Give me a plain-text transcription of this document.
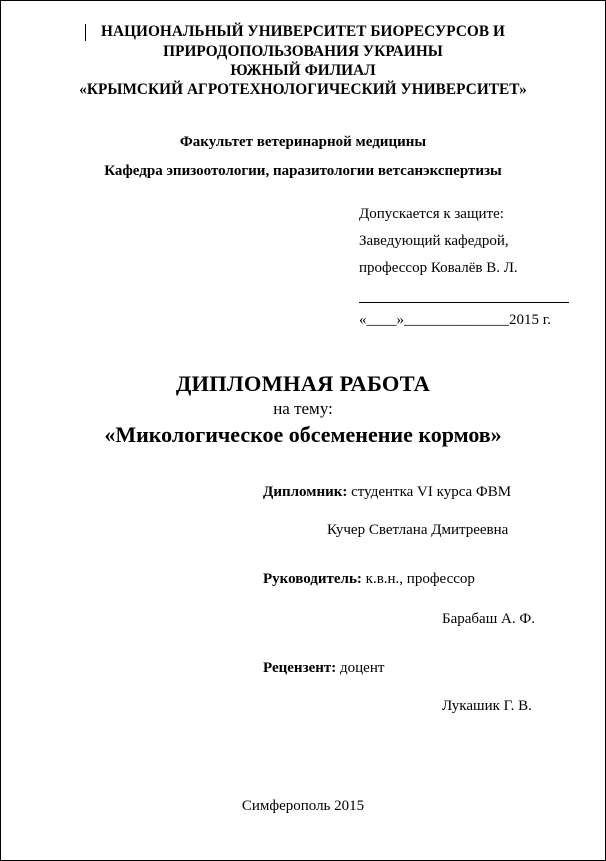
НАЦИОНАЛЬНЫЙ УНИВЕРСИТЕТ БИОРЕСУРСОВ И
ПРИРОДОПОЛЬЗОВАНИЯ УКРАИНЫ
ЮЖНЫЙ ФИЛИАЛ
«КРЫМСКИЙ АГРОТЕХНОЛОГИЧЕСКИЙ УНИВЕРСИТЕТ»
Факультет ветеринарной медицины
Кафедра эпизоотологии, паразитологии ветсанэкспертизы
Допускается к защите:
Заведующий кафедрой,
профессор Ковалёв В. Л.
«____»______________2015 г.
ДИПЛОМНАЯ РАБОТА
на тему:
«Микологическое обсеменение кормов»
Дипломник: студентка VI курса ФВМ
Кучер Светлана Дмитреевна
Руководитель: к.в.н., профессор
Барабаш А. Ф.
Рецензент: доцент
Лукашик Г. В.
Симферополь 2015
